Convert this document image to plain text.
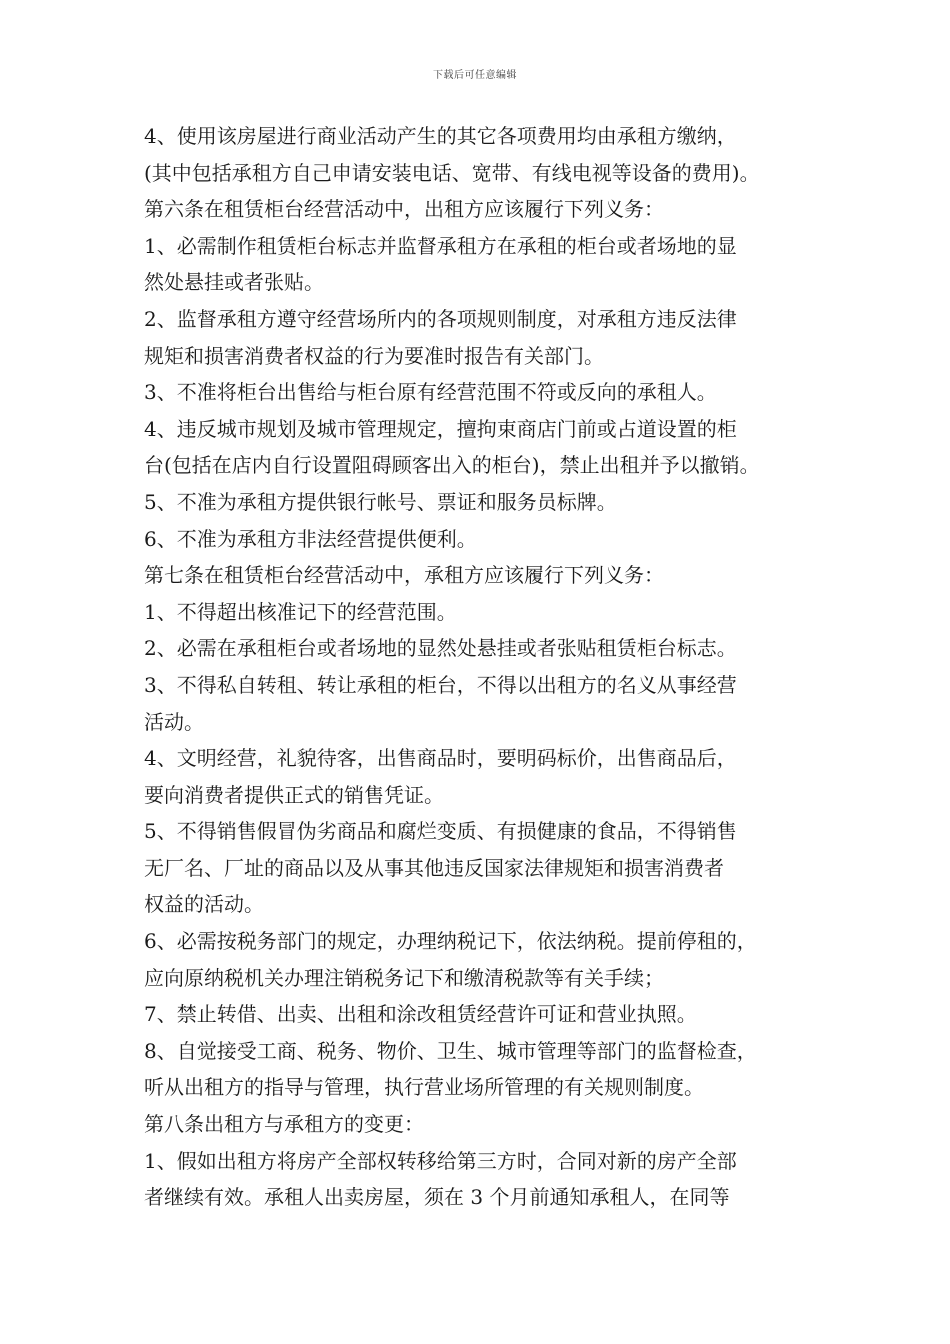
下载后可任意编辑
4、使用该房屋进行商业活动产生的其它各项费用均由承租方缴纳，
(其中包括承租方自己申请安装电话、宽带、有线电视等设备的费用)。
第六条在租赁柜台经营活动中，出租方应该履行下列义务：
1、必需制作租赁柜台标志并监督承租方在承租的柜台或者场地的显
然处悬挂或者张贴。
2、监督承租方遵守经营场所内的各项规则制度，对承租方违反法律
规矩和损害消费者权益的行为要准时报告有关部门。
3、不准将柜台出售给与柜台原有经营范围不符或反向的承租人。
4、违反城市规划及城市管理规定，擅拘束商店门前或占道设置的柜
台(包括在店内自行设置阻碍顾客出入的柜台)，禁止出租并予以撤销。
5、不准为承租方提供银行帐号、票证和服务员标牌。
6、不准为承租方非法经营提供便利。
第七条在租赁柜台经营活动中，承租方应该履行下列义务：
1、不得超出核准记下的经营范围。
2、必需在承租柜台或者场地的显然处悬挂或者张贴租赁柜台标志。
3、不得私自转租、转让承租的柜台，不得以出租方的名义从事经营
活动。
4、文明经营，礼貌待客，出售商品时，要明码标价，出售商品后，
要向消费者提供正式的销售凭证。
5、不得销售假冒伪劣商品和腐烂变质、有损健康的食品，不得销售
无厂名、厂址的商品以及从事其他违反国家法律规矩和损害消费者
权益的活动。
6、必需按税务部门的规定，办理纳税记下，依法纳税。提前停租的，
应向原纳税机关办理注销税务记下和缴清税款等有关手续；
7、禁止转借、出卖、出租和涂改租赁经营许可证和营业执照。
8、自觉接受工商、税务、物价、卫生、城市管理等部门的监督检查，
听从出租方的指导与管理，执行营业场所管理的有关规则制度。
第八条出租方与承租方的变更：
1、假如出租方将房产全部权转移给第三方时，合同对新的房产全部
者继续有效。承租人出卖房屋，须在 3 个月前通知承租人，在同等
